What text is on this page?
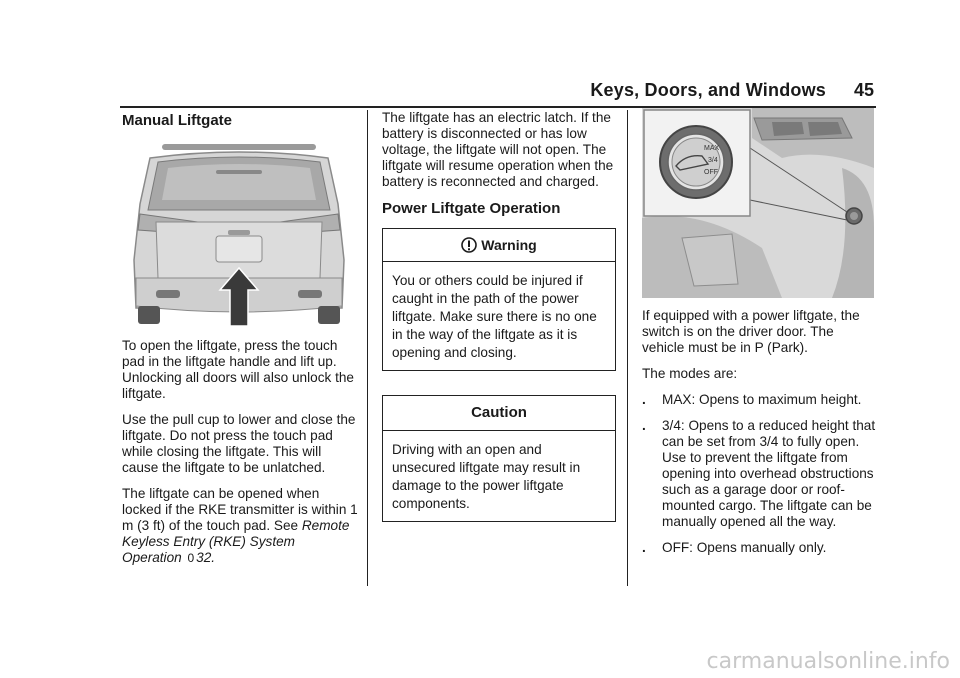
Keys, Doors, and Windows 45
Manual Liftgate

To open the liftgate, press the touch pad in the liftgate handle and lift up. Unlocking all doors will also unlock the liftgate.

Use the pull cup to lower and close the liftgate. Do not press the touch pad while closing the liftgate. This will cause the liftgate to be unlatched.

The liftgate can be opened when locked if the RKE transmitter is within 1 m (3 ft) of the touch pad. See Remote Keyless Entry (RKE) System Operation 0 32.

The liftgate has an electric latch. If the battery is disconnected or has low voltage, the liftgate will not open. The liftgate will resume operation when the battery is reconnected and charged.

Power Liftgate Operation
Warning
You or others could be injured if caught in the path of the power liftgate. Make sure there is no one in the way of the liftgate as it is opening and closing.
Caution
Driving with an open and unsecured liftgate may result in damage to the power liftgate components.
MAX
3/4
OFF

If equipped with a power liftgate, the switch is on the driver door. The vehicle must be in P (Park).

The modes are:

. MAX: Opens to maximum height.
. 3/4: Opens to a reduced height that can be set from 3/4 to fully open. Use to prevent the liftgate from opening into overhead obstructions such as a garage door or roof-mounted cargo. The liftgate can be manually opened all the way.
. OFF: Opens manually only.
carmanualsonline.info
